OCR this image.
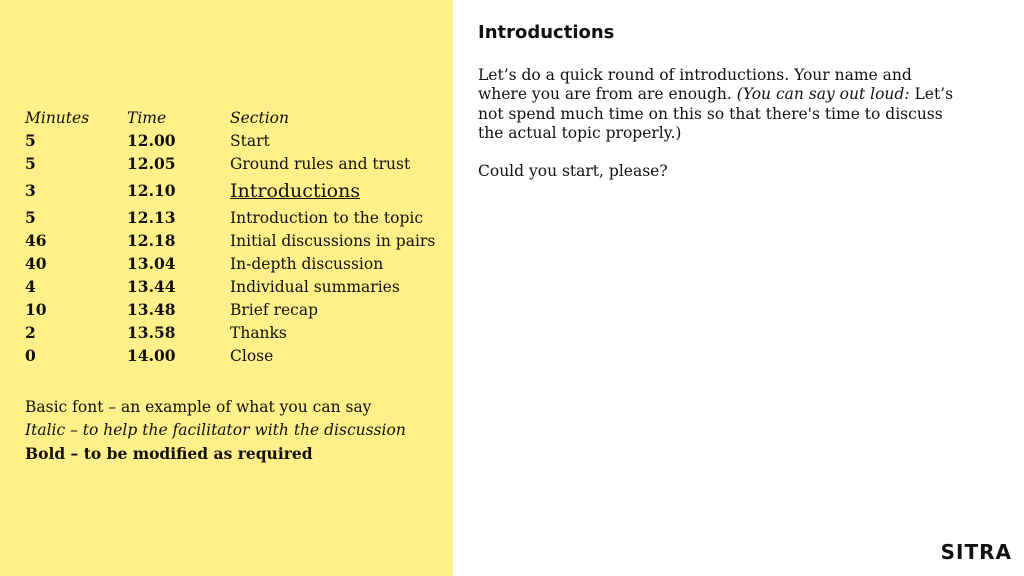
Minutes	Time	Section
5	12.00	Start
5	12.05	Ground rules and trust
3	12.10	Introductions
5	12.13	Introduction to the topic
46	12.18	Initial discussions in pairs
40	13.04	In-depth discussion
4	13.44	Individual summaries
10	13.48	Brief recap
2	13.58	Thanks
0	14.00	Close
Basic font – an example of what you can say
Italic – to help the facilitator with the discussion
Bold – to be modified as required
Introductions

Let’s do a quick round of introductions. Your name and where you are from are enough. (You can say out loud: Let’s not spend much time on this so that there's time to discuss the actual topic properly.)

Could you start, please?

SITRA
